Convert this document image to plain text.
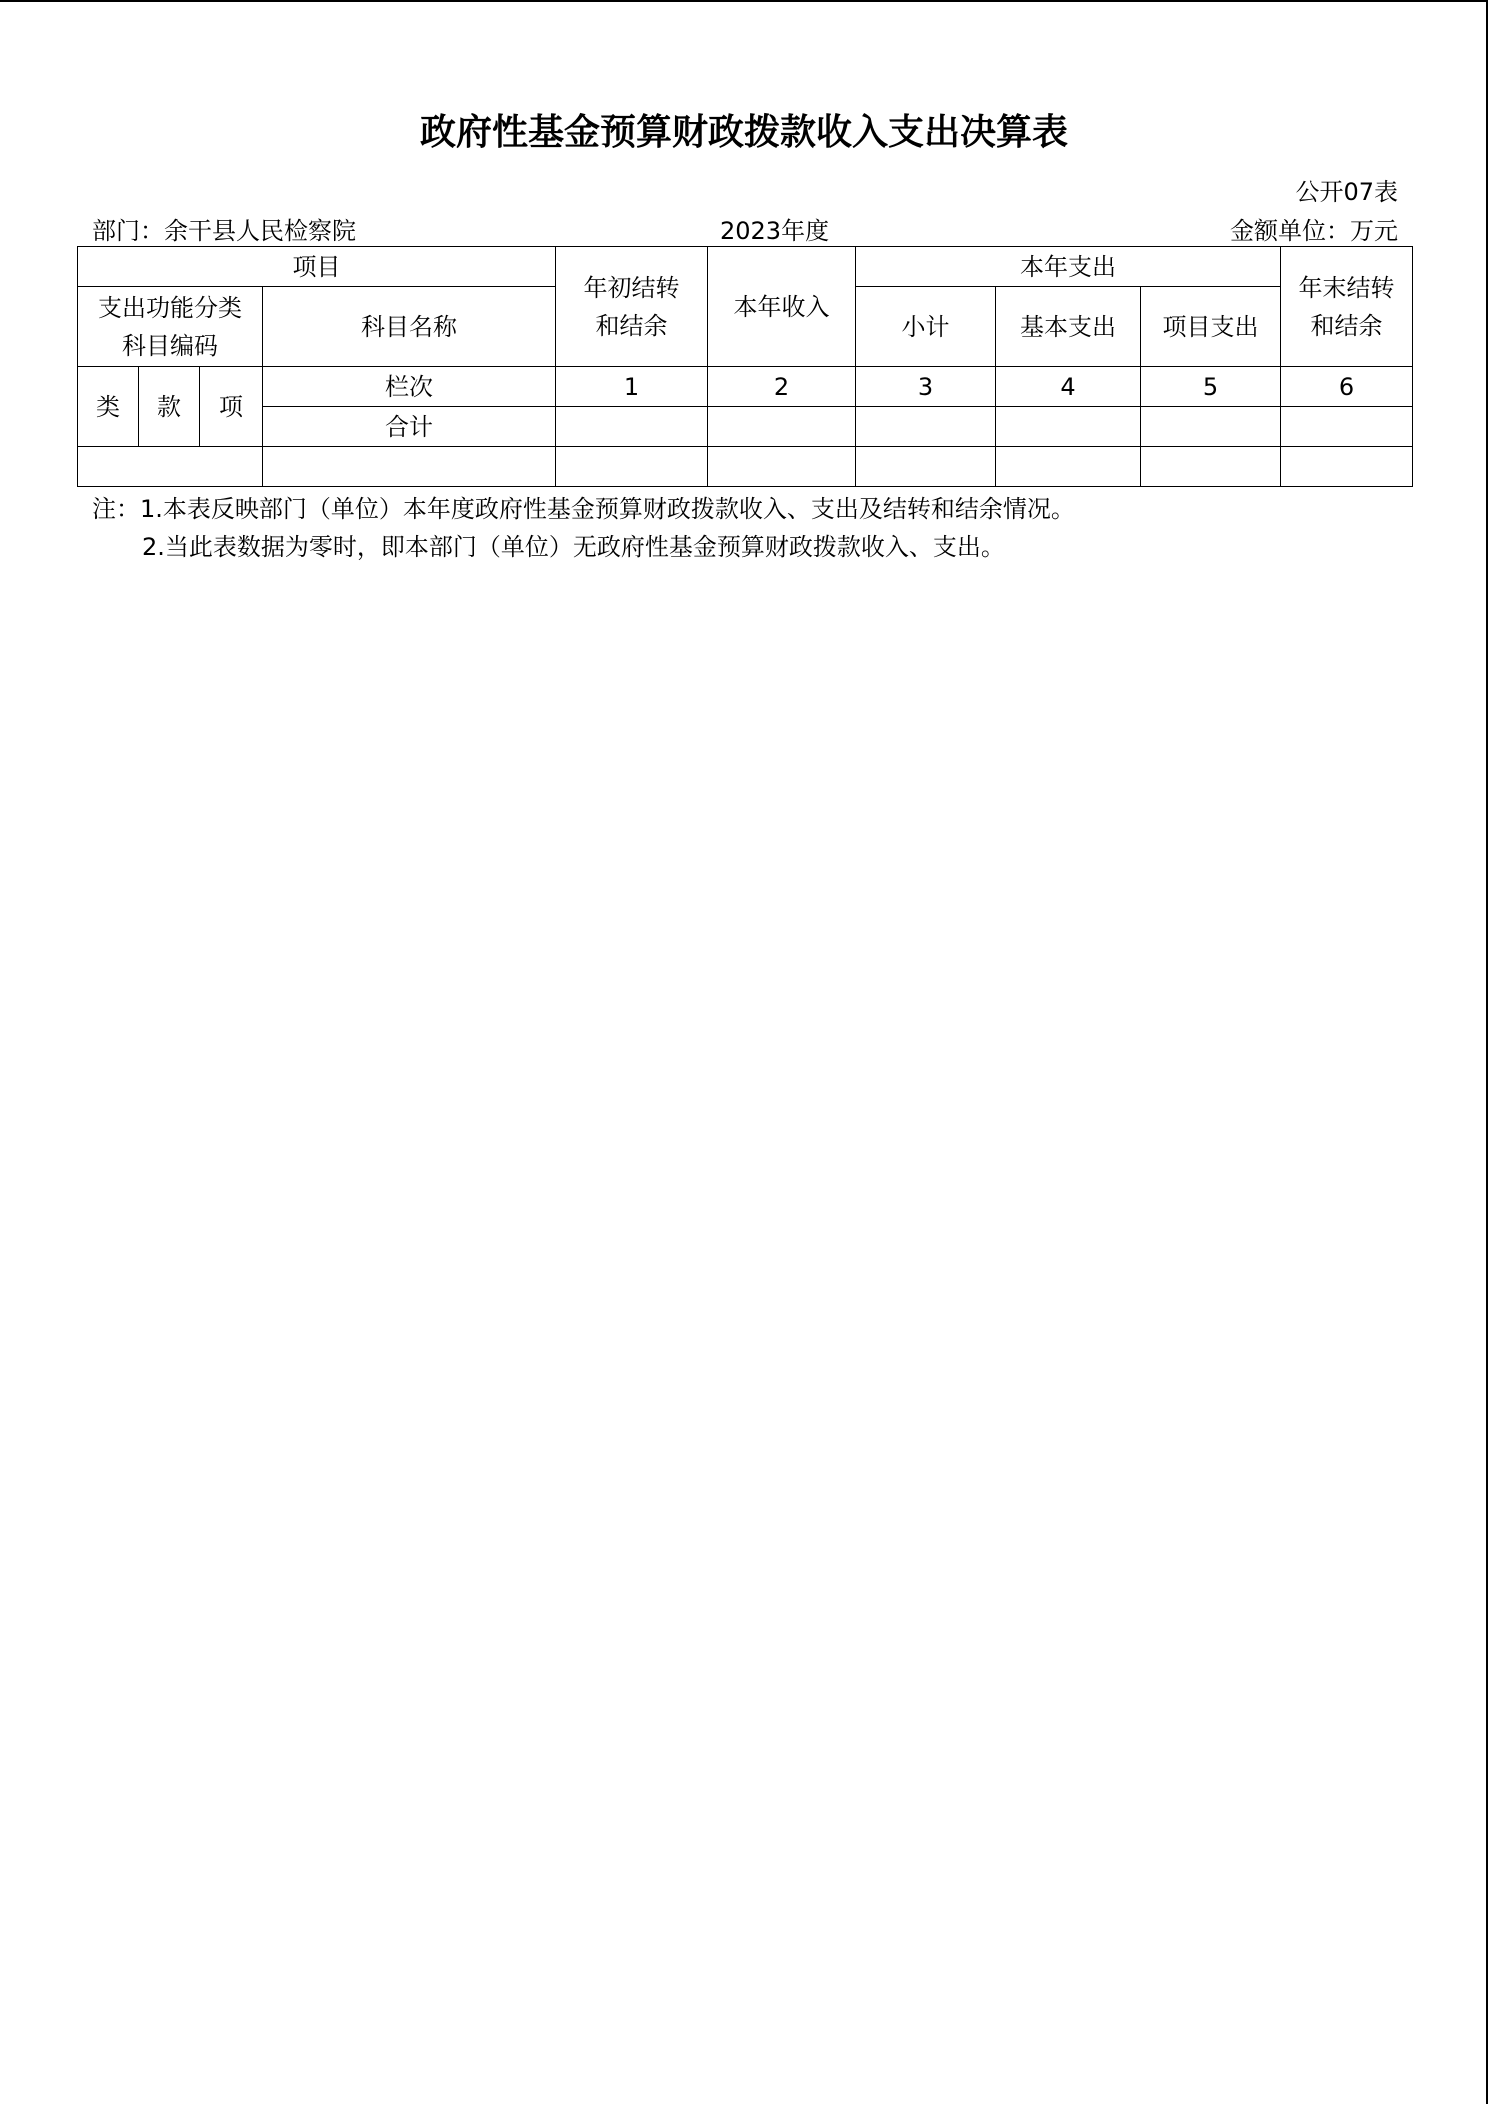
政府性基金预算财政拨款收入支出决算表
公开07表
部门：余干县人民检察院	2023年度	金额单位：万元
项目				年初结转和结余	本年收入	本年支出			年末结转和结余

支出功能分类科目编码			科目名称			小计	基本支出	项目支出	
类	款	项	栏次	1	2	3	4	5	6
			合计						

注：1.本表反映部门（单位）本年度政府性基金预算财政拨款收入、支出及结转和结余情况。
2.当此表数据为零时，即本部门（单位）无政府性基金预算财政拨款收入、支出。
